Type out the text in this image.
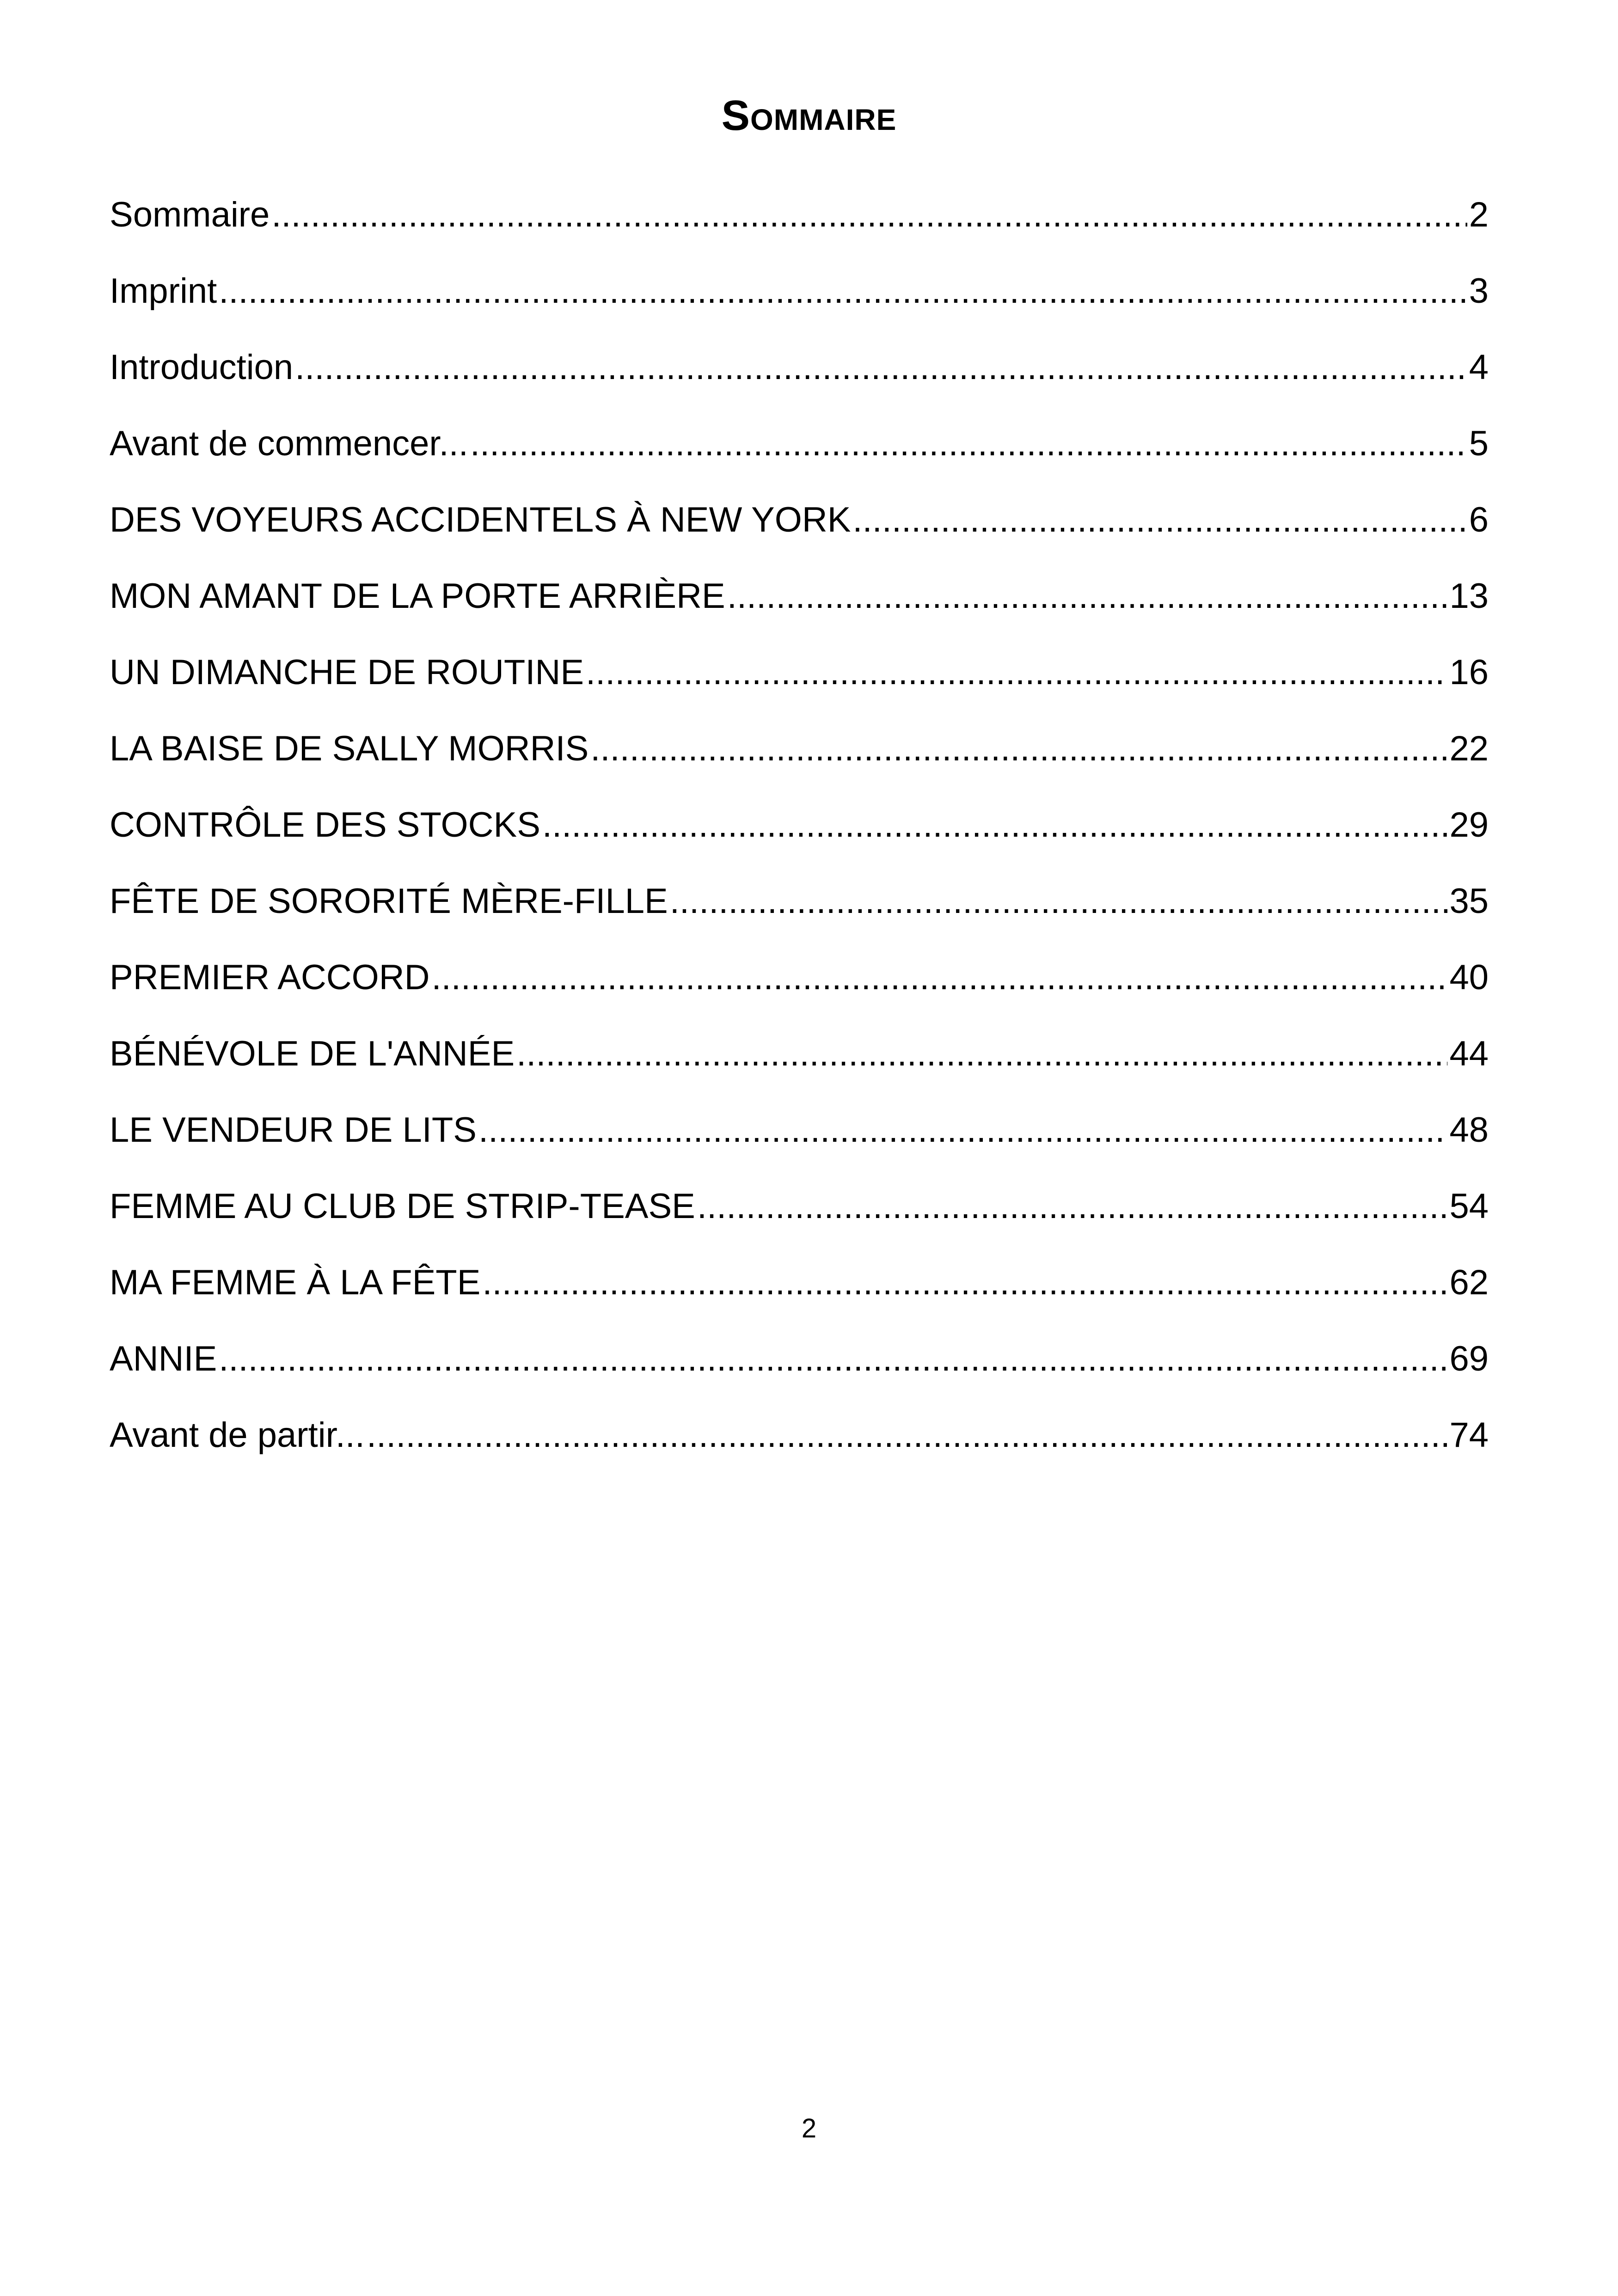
Sommaire
Sommaire .....	2
Imprint .....	3
Introduction .....	4
Avant de commencer... .....	5
DES VOYEURS ACCIDENTELS À NEW YORK .....	6
MON AMANT DE LA PORTE ARRIÈRE .....	13
UN DIMANCHE DE ROUTINE .....	16
LA BAISE DE SALLY MORRIS .....	22
CONTRÔLE DES STOCKS .....	29
FÊTE DE SORORITÉ MÈRE-FILLE .....	35
PREMIER ACCORD .....	40
BÉNÉVOLE DE L'ANNÉE .....	44
LE VENDEUR DE LITS .....	48
FEMME AU CLUB DE STRIP-TEASE .....	54
MA FEMME À LA FÊTE .....	62
ANNIE .....	69
Avant de partir... .....	74
2
